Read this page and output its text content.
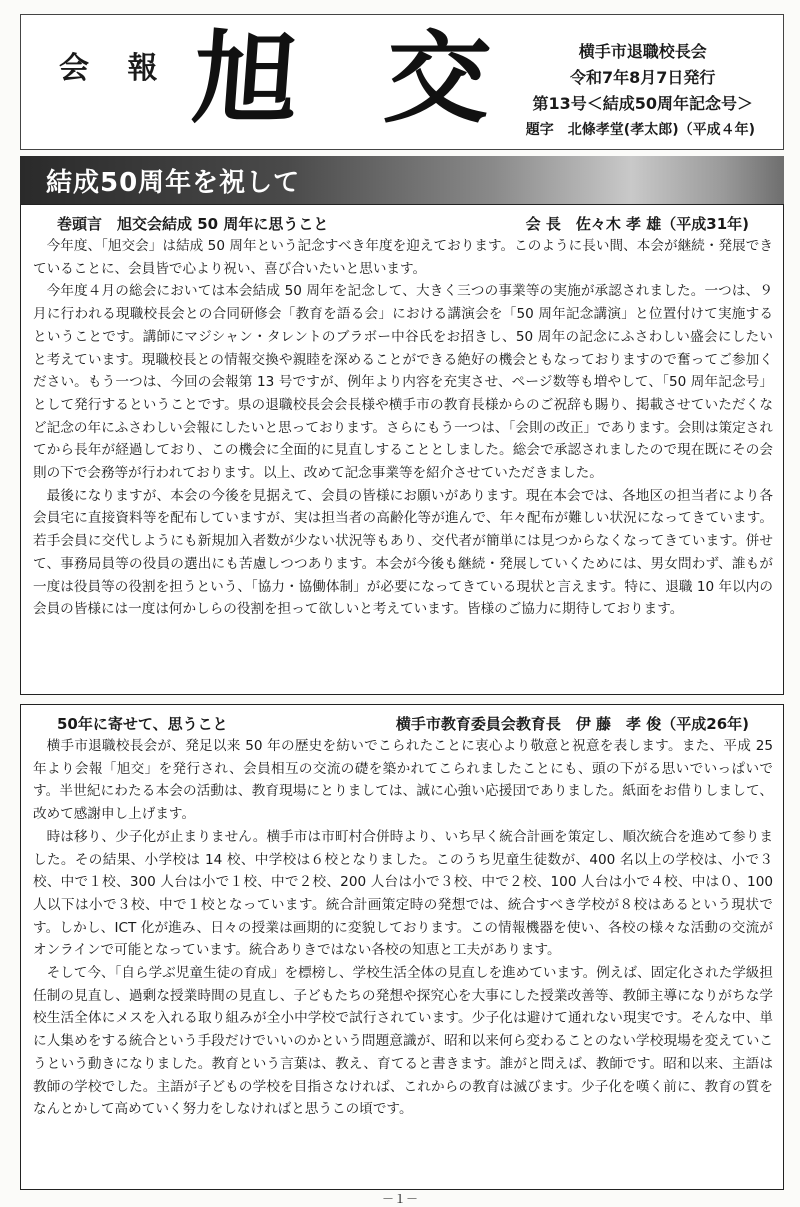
会 報 旭 交	横手市退職校長会
令和7年8月7日発行
第13号＜結成50周年記念号＞
題字　北條孝堂(孝太郎)（平成４年)
結成50周年を祝して
巻頭言　旭交会結成 50 周年に思うこと	会 長　佐々木 孝 雄（平成31年)

今年度、「旭交会」は結成 50 周年という記念すべき年度を迎えております。このように長い間、本会が継続・発展できていることに、会員皆で心より祝い、喜び合いたいと思います。

今年度４月の総会においては本会結成 50 周年を記念して、大きく三つの事業等の実施が承認されました。一つは、９月に行われる現職校長会との合同研修会「教育を語る会」における講演会を「50 周年記念講演」と位置付けて実施するということです。講師にマジシャン・タレントのブラボー中谷氏をお招きし、50 周年の記念にふさわしい盛会にしたいと考えています。現職校長との情報交換や親睦を深めることができる絶好の機会ともなっておりますので奮ってご参加ください。もう一つは、今回の会報第 13 号ですが、例年より内容を充実させ、ページ数等も増やして、「50 周年記念号」として発行するということです。県の退職校長会会長様や横手市の教育長様からのご祝辞も賜り、掲載させていただくなど記念の年にふさわしい会報にしたいと思っております。さらにもう一つは、「会則の改正」であります。会則は策定されてから長年が経過しており、この機会に全面的に見直しすることとしました。総会で承認されましたので現在既にその会則の下で会務等が行われております。以上、改めて記念事業等を紹介させていただきました。

最後になりますが、本会の今後を見据えて、会員の皆様にお願いがあります。現在本会では、各地区の担当者により各会員宅に直接資料等を配布していますが、実は担当者の高齢化等が進んで、年々配布が難しい状況になってきています。若手会員に交代しようにも新規加入者数が少ない状況等もあり、交代者が簡単には見つからなくなってきています。併せて、事務局員等の役員の選出にも苦慮しつつあります。本会が今後も継続・発展していくためには、男女問わず、誰もが一度は役員等の役割を担うという、「協力・協働体制」が必要になってきている現状と言えます。特に、退職 10 年以内の会員の皆様には一度は何かしらの役割を担って欲しいと考えています。皆様のご協力に期待しております。

50年に寄せて、思うこと	横手市教育委員会教育長　伊 藤　孝 俊（平成26年)

横手市退職校長会が、発足以来 50 年の歴史を紡いでこられたことに衷心より敬意と祝意を表します。また、平成 25 年より会報「旭交」を発行され、会員相互の交流の礎を築かれてこられましたことにも、頭の下がる思いでいっぱいです。半世紀にわたる本会の活動は、教育現場にとりましては、誠に心強い応援団でありました。紙面をお借りしまして、改めて感謝申し上げます。

時は移り、少子化が止まりません。横手市は市町村合併時より、いち早く統合計画を策定し、順次統合を進めて参りました。その結果、小学校は 14 校、中学校は６校となりました。このうち児童生徒数が、400 名以上の学校は、小で３校、中で１校、300 人台は小で１校、中で２校、200 人台は小で３校、中で２校、100 人台は小で４校、中は０、100 人以下は小で３校、中で１校となっています。統合計画策定時の発想では、統合すべき学校が８校はあるという現状です。しかし、ICT 化が進み、日々の授業は画期的に変貌しております。この情報機器を使い、各校の様々な活動の交流がオンラインで可能となっています。統合ありきではない各校の知恵と工夫があります。

そして今、「自ら学ぶ児童生徒の育成」を標榜し、学校生活全体の見直しを進めています。例えば、固定化された学級担任制の見直し、過剰な授業時間の見直し、子どもたちの発想や探究心を大事にした授業改善等、教師主導になりがちな学校生活全体にメスを入れる取り組みが全小中学校で試行されています。少子化は避けて通れない現実です。そんな中、単に人集めをする統合という手段だけでいいのかという問題意識が、昭和以来何ら変わることのない学校現場を変えていこうという動きになりました。教育という言葉は、教え、育てると書きます。誰がと問えば、教師です。昭和以来、主語は教師の学校でした。主語が子どもの学校を目指さなければ、これからの教育は滅びます。少子化を嘆く前に、教育の質をなんとかして高めていく努力をしなければと思うこの頃です。

－１－
